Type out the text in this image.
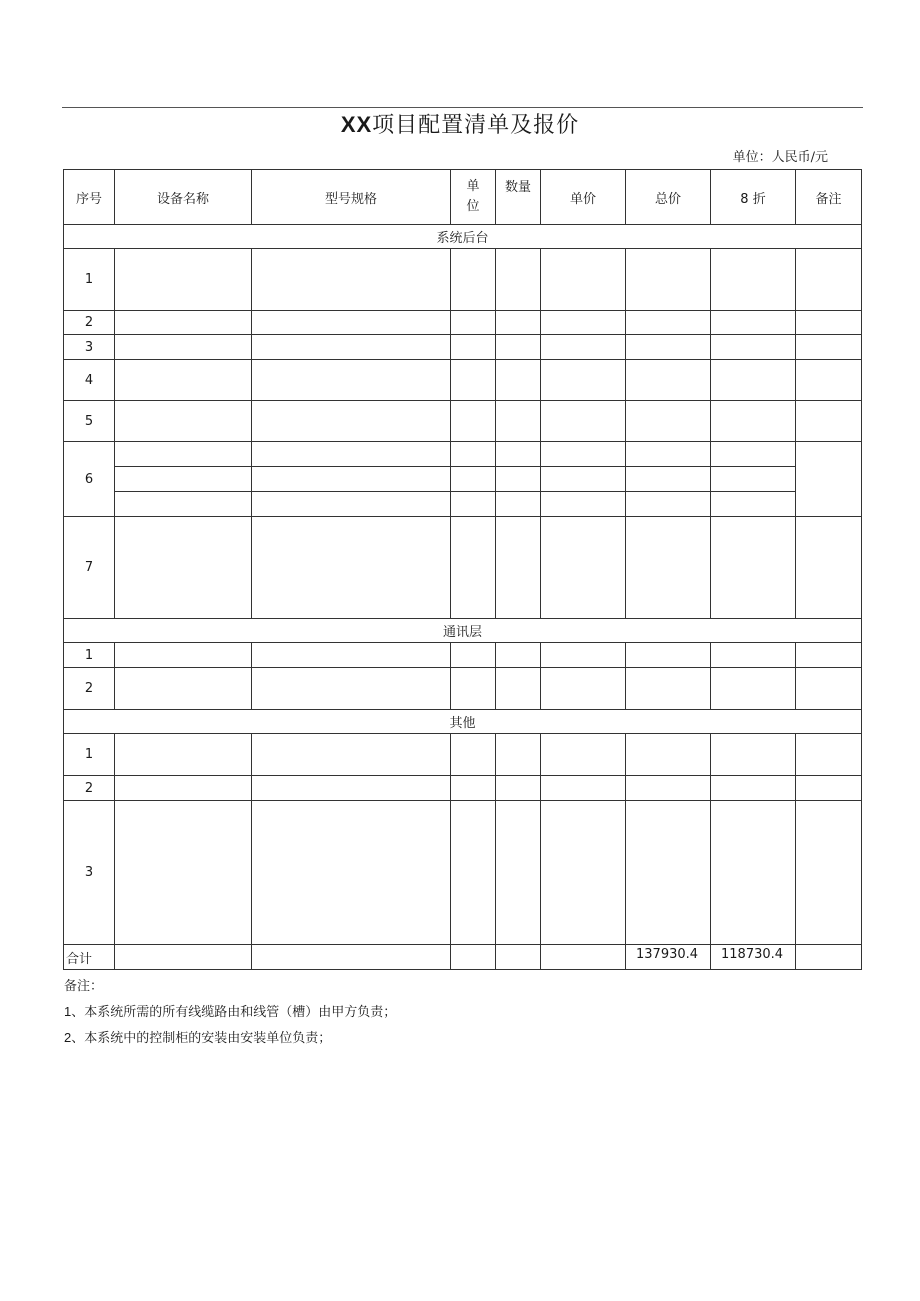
XX项目配置清单及报价
单位：人民币/元
序号	设备名称	型号规格	单
位	数量	单价	总价	8 折	备注
系统后台								
1								
2								
3								
4								
5								
6								

7								
通讯层								
1								
2								
其他								
1								
2								
3								
合计						137930.4	118730.4	
备注：
1、本系统所需的所有线缆路由和线管（槽）由甲方负责；
2、本系统中的控制柜的安装由安装单位负责；
